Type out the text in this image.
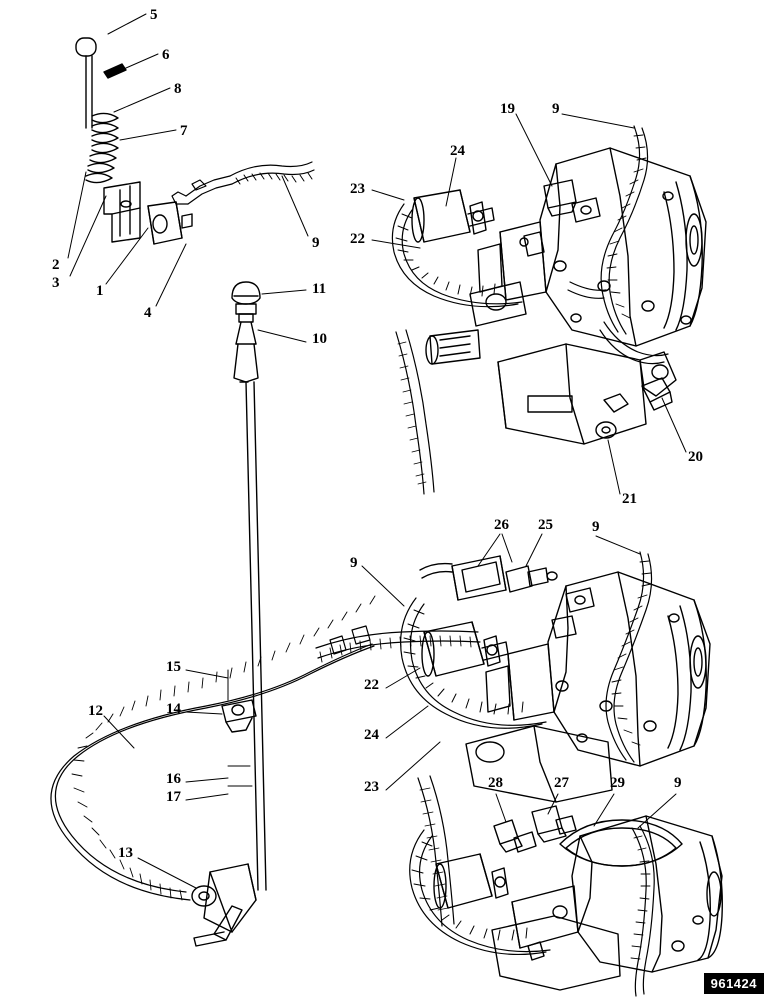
5
6
8
7
2
3 1
4
9
11
10
23
22
24
19 9
20
21
26 25	9
9
22
24
23
15
14
12
16
17
13
28	27	29	9
961424
